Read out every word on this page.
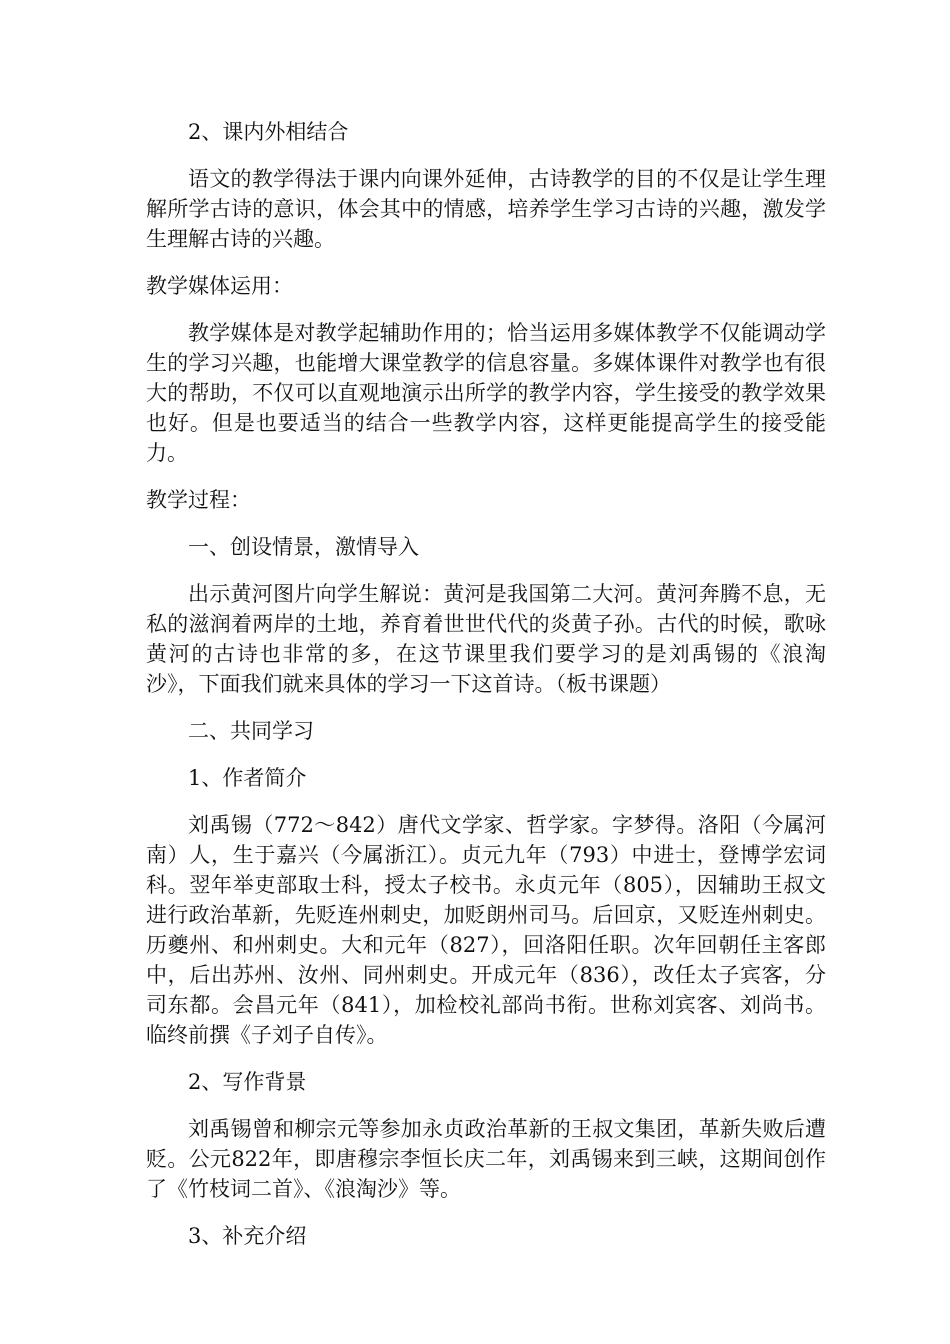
2、课内外相结合

语文的教学得法于课内向课外延伸，古诗教学的目的不仅是让学生理解所学古诗的意识，体会其中的情感，培养学生学习古诗的兴趣，激发学生理解古诗的兴趣。

教学媒体运用：

教学媒体是对教学起辅助作用的；恰当运用多媒体教学不仅能调动学生的学习兴趣，也能增大课堂教学的信息容量。多媒体课件对教学也有很大的帮助，不仅可以直观地演示出所学的教学内容，学生接受的教学效果也好。但是也要适当的结合一些教学内容，这样更能提高学生的接受能力。

教学过程：

一、创设情景，激情导入

出示黄河图片向学生解说：黄河是我国第二大河。黄河奔腾不息，无私的滋润着两岸的土地，养育着世世代代的炎黄子孙。古代的时候，歌咏黄河的古诗也非常的多，在这节课里我们要学习的是刘禹锡的《浪淘沙》，下面我们就来具体的学习一下这首诗。（板书课题）

二、共同学习

1、作者简介

刘禹锡（772～842）唐代文学家、哲学家。字梦得。洛阳（今属河南）人，生于嘉兴（今属浙江）。贞元九年（793）中进士，登博学宏词科。翌年举吏部取士科，授太子校书。永贞元年（805），因辅助王叔文进行政治革新，先贬连州刺史，加贬朗州司马。后回京，又贬连州刺史。历夔州、和州刺史。大和元年（827），回洛阳任职。次年回朝任主客郎中，后出苏州、汝州、同州刺史。开成元年（836），改任太子宾客，分司东都。会昌元年（841），加检校礼部尚书衔。世称刘宾客、刘尚书。临终前撰《子刘子自传》。

2、写作背景

刘禹锡曾和柳宗元等参加永贞政治革新的王叔文集团，革新失败后遭贬。公元822年，即唐穆宗李恒长庆二年，刘禹锡来到三峡，这期间创作了《竹枝词二首》、《浪淘沙》等。

3、补充介绍
